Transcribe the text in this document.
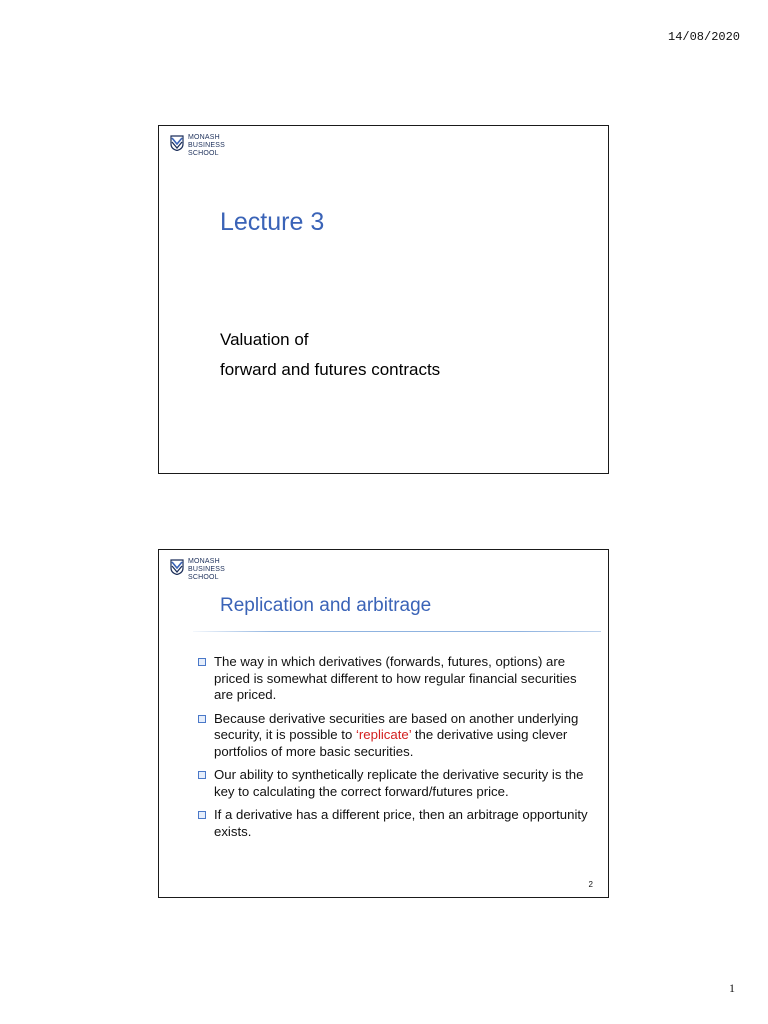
14/08/2020
MONASH
BUSINESS
SCHOOL
Lecture 3
Valuation of
forward and futures contracts
MONASH
BUSINESS
SCHOOL
Replication and arbitrage
The way in which derivatives (forwards, futures, options) are priced is somewhat different to how regular financial securities are priced.
Because derivative securities are based on another underlying security, it is possible to ‘replicate’ the derivative using clever portfolios of more basic securities.
Our ability to synthetically replicate the derivative security is the key to calculating the correct forward/futures price.
If a derivative has a different price, then an arbitrage opportunity exists.
2
1
